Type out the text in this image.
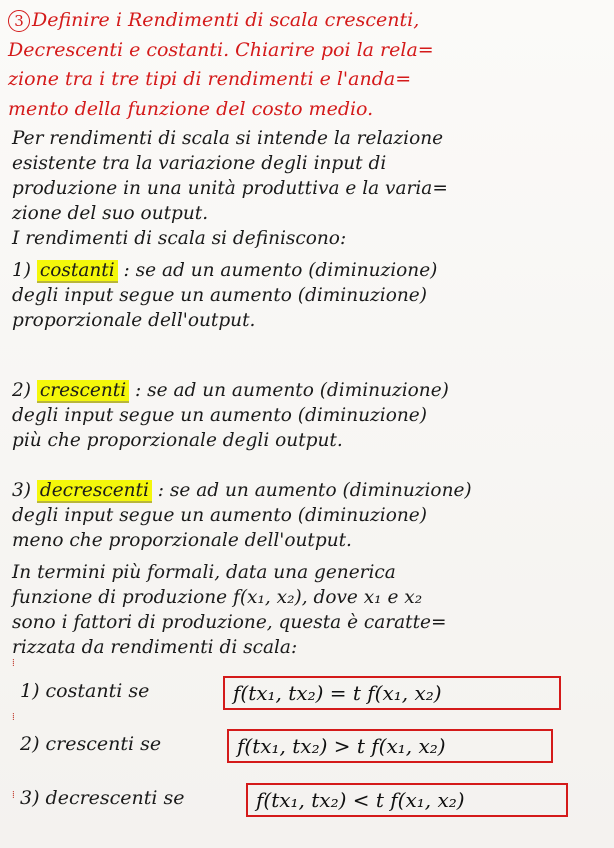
3 Definire i Rendimenti di scala crescenti,
Decrescenti e costanti. Chiarire poi la rela=
zione tra i tre tipi di rendimenti e l'anda=
mento della funzione del costo medio.
Per rendimenti di scala si intende la relazione
esistente tra la variazione degli input di
produzione in una unità produttiva e la varia=
zione del suo output.
I rendimenti di scala si definiscono:
1) costanti : se ad un aumento (diminuzione)
degli input segue un aumento (diminuzione)
proporzionale dell'output.
2) crescenti : se ad un aumento (diminuzione)
degli input segue un aumento (diminuzione)
più che proporzionale degli output.
3) decrescenti : se ad un aumento (diminuzione)
degli input segue un aumento (diminuzione)
meno che proporzionale dell'output.
In termini più formali, data una generica
funzione di produzione f(x₁, x₂), dove x₁ e x₂
sono i fattori di produzione, questa è caratte=
rizzata da rendimenti di scala:
1) costanti se	f(tx₁, tx₂) = t f(x₁, x₂)
2) crescenti se	f(tx₁, tx₂) > t f(x₁, x₂)
3) decrescenti se	f(tx₁, tx₂) < t f(x₁, x₂)
⁞
⁞
⁞
